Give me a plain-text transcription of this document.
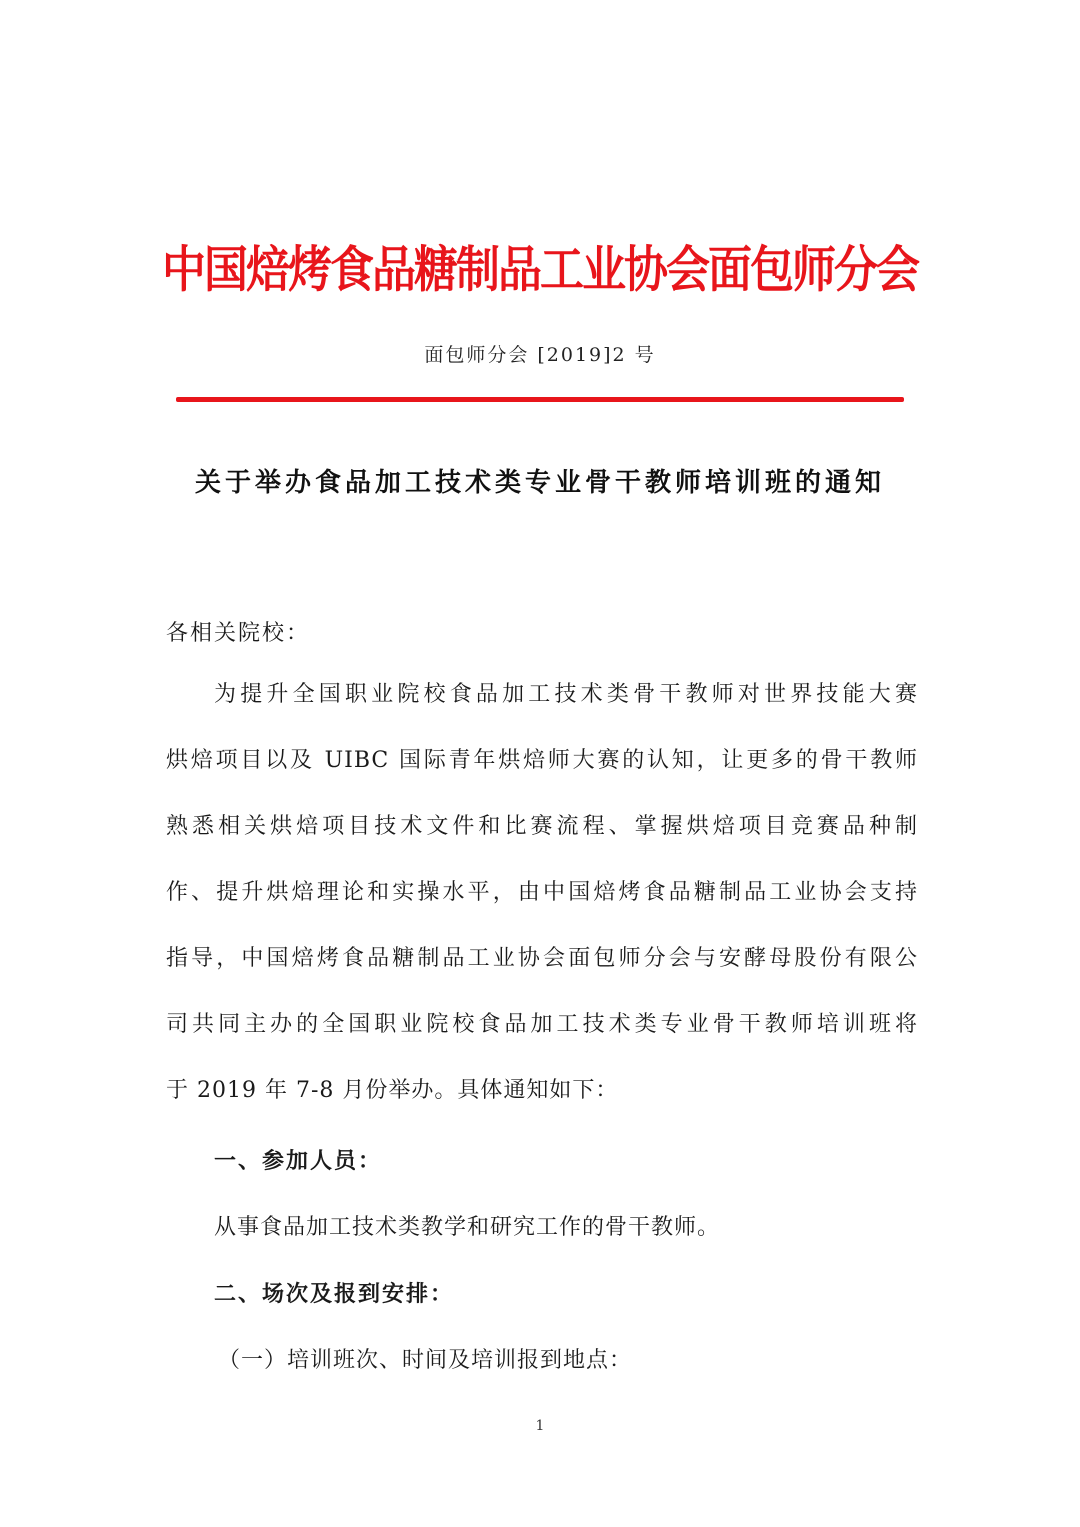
中国焙烤食品糖制品工业协会面包师分会
面包师分会 [2019]2 号
关于举办食品加工技术类专业骨干教师培训班的通知
各相关院校：
为提升全国职业院校食品加工技术类骨干教师对世界技能大赛
烘焙项目以及 UIBC 国际青年烘焙师大赛的认知，让更多的骨干教师
熟悉相关烘焙项目技术文件和比赛流程、掌握烘焙项目竞赛品种制
作、提升烘焙理论和实操水平，由中国焙烤食品糖制品工业协会支持
指导，中国焙烤食品糖制品工业协会面包师分会与安酵母股份有限公
司共同主办的全国职业院校食品加工技术类专业骨干教师培训班将
于 2019 年 7-8 月份举办。具体通知如下：
一、参加人员：
从事食品加工技术类教学和研究工作的骨干教师。
二、场次及报到安排：
（一）培训班次、时间及培训报到地点：
1
